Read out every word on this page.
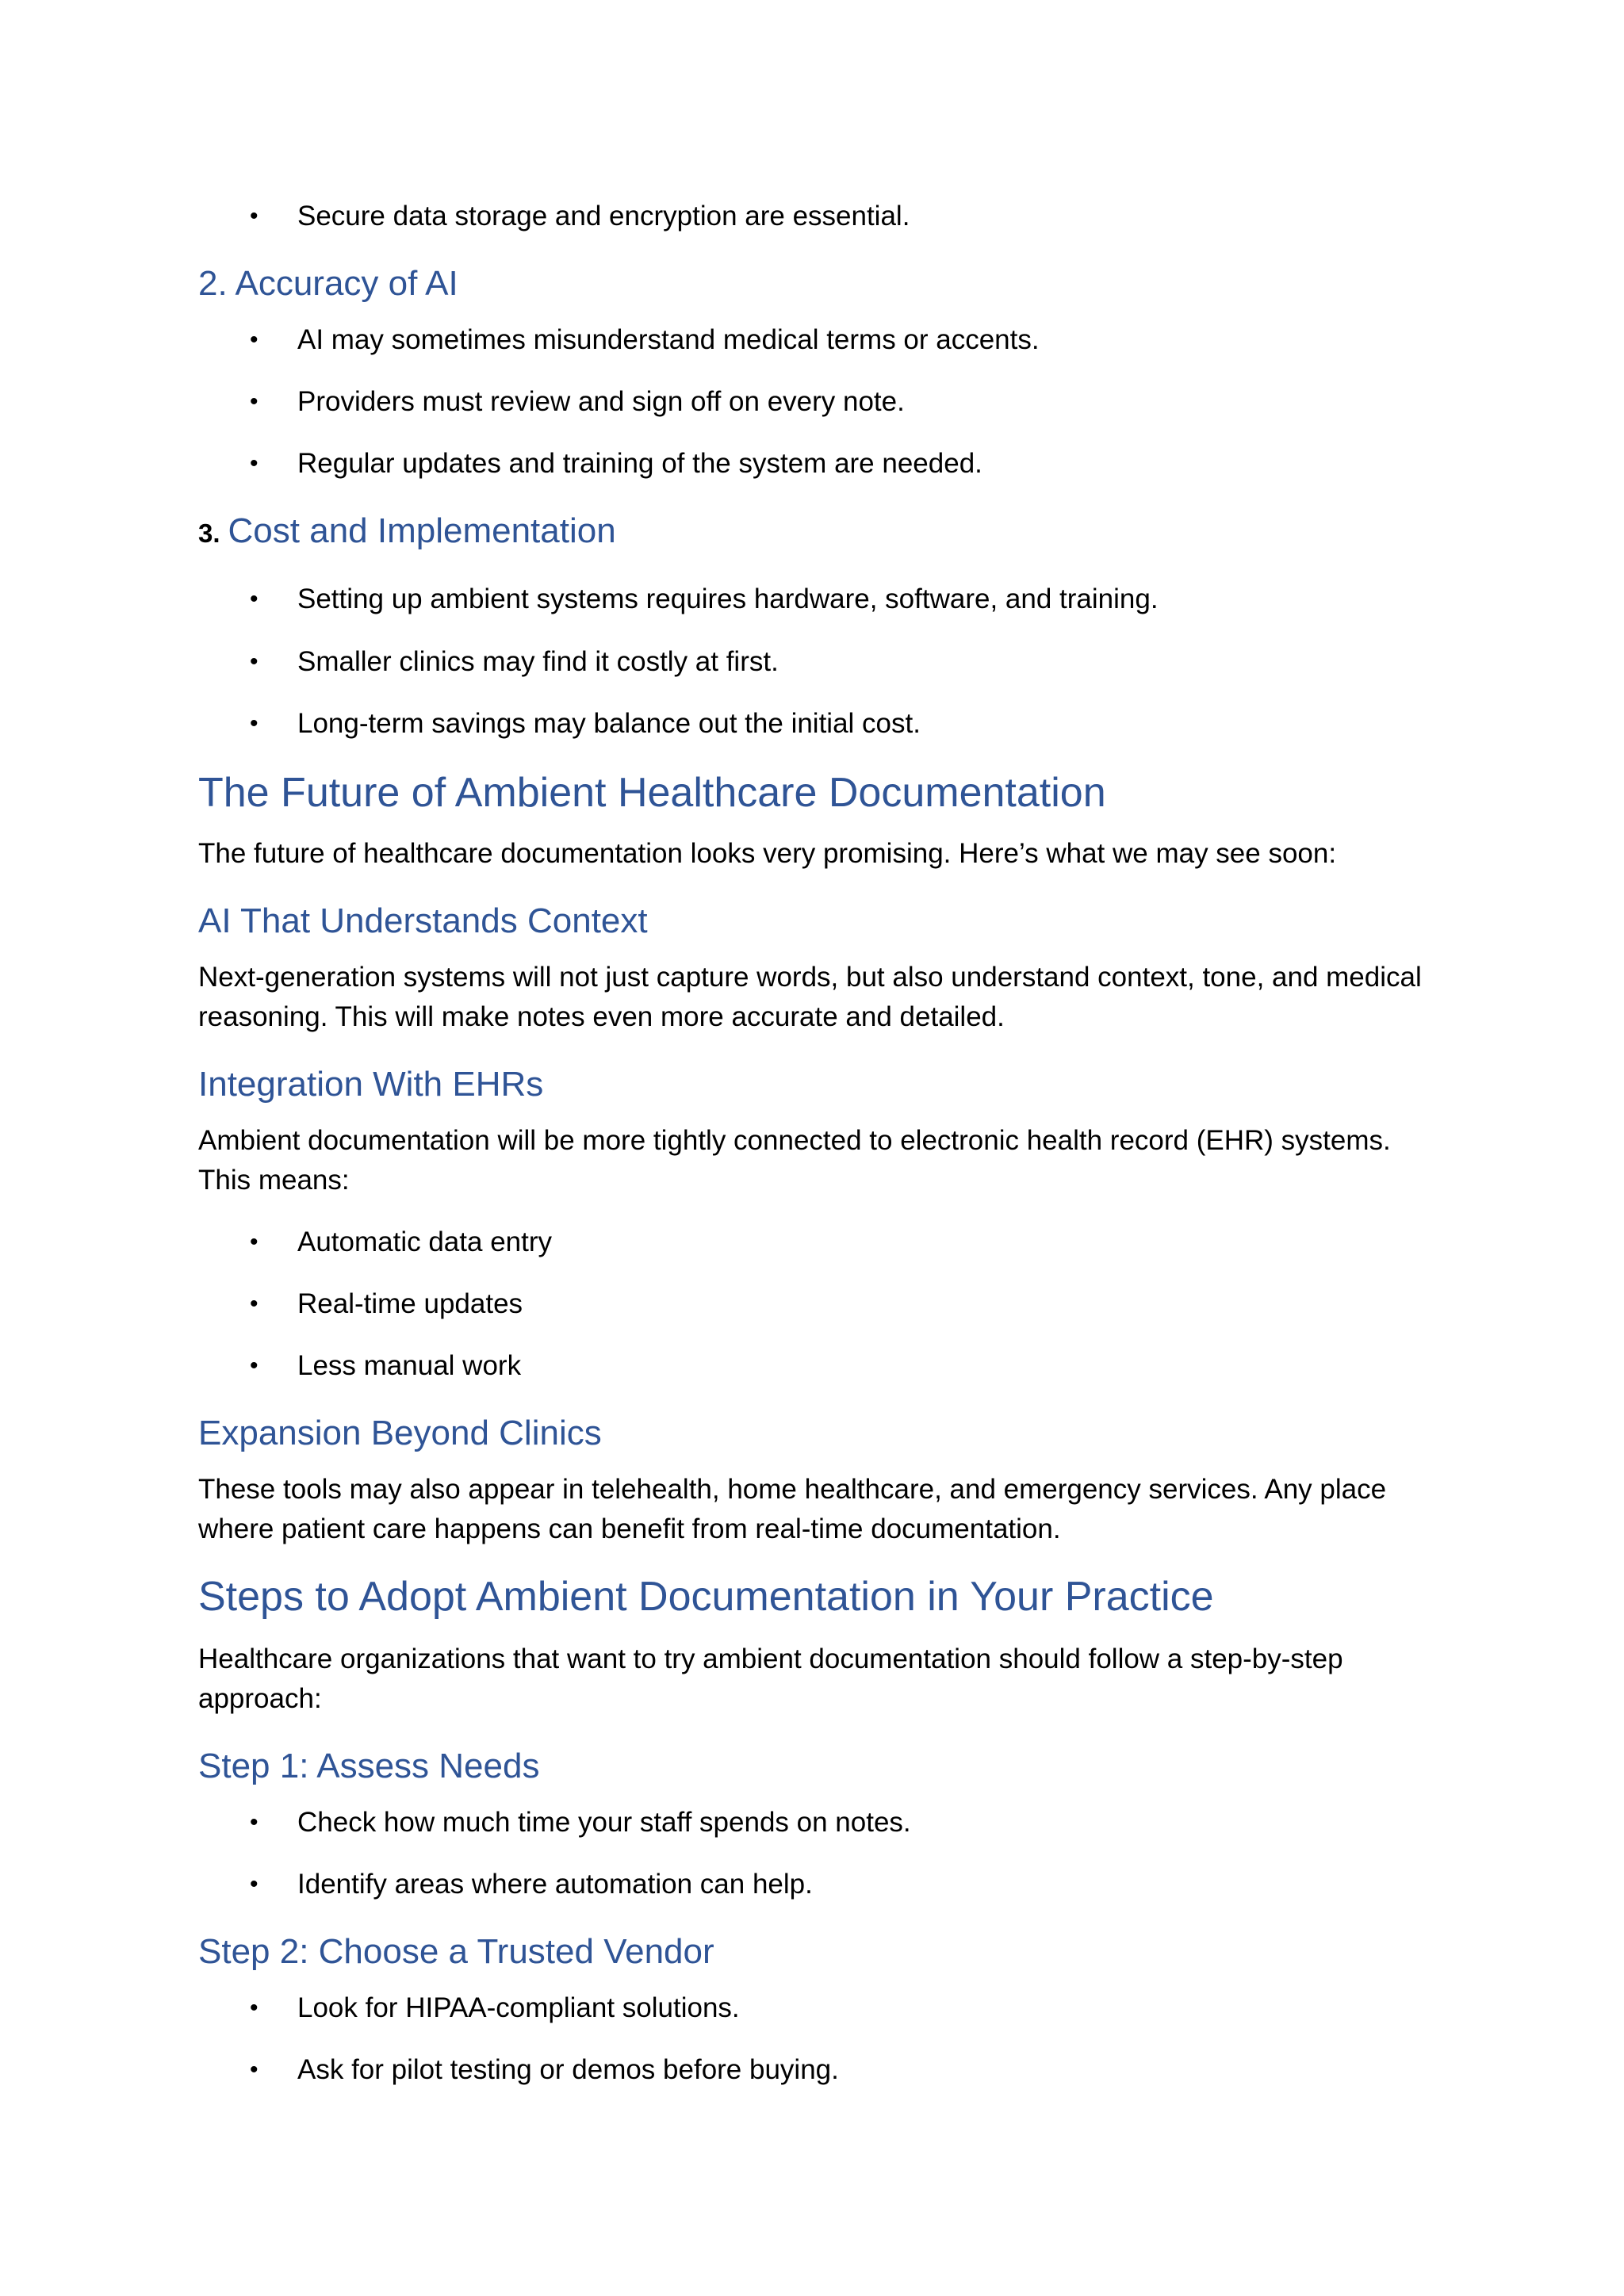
• Secure data storage and encryption are essential.
2. Accuracy of AI
• AI may sometimes misunderstand medical terms or accents.
• Providers must review and sign off on every note.
• Regular updates and training of the system are needed.
3. Cost and Implementation
• Setting up ambient systems requires hardware, software, and training.
• Smaller clinics may find it costly at first.
• Long-term savings may balance out the initial cost.
The Future of Ambient Healthcare Documentation
The future of healthcare documentation looks very promising. Here’s what we may see soon:
AI That Understands Context
Next-generation systems will not just capture words, but also understand context, tone, and medical
reasoning. This will make notes even more accurate and detailed.
Integration With EHRs
Ambient documentation will be more tightly connected to electronic health record (EHR) systems.
This means:
• Automatic data entry
• Real-time updates
• Less manual work
Expansion Beyond Clinics
These tools may also appear in telehealth, home healthcare, and emergency services. Any place
where patient care happens can benefit from real-time documentation.
Steps to Adopt Ambient Documentation in Your Practice
Healthcare organizations that want to try ambient documentation should follow a step-by-step
approach:
Step 1: Assess Needs
• Check how much time your staff spends on notes.
• Identify areas where automation can help.
Step 2: Choose a Trusted Vendor
• Look for HIPAA-compliant solutions.
• Ask for pilot testing or demos before buying.
